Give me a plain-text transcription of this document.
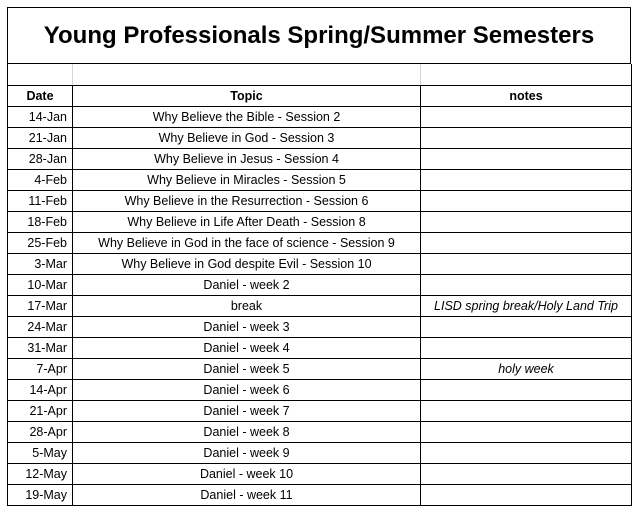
Young Professionals Spring/Summer Semesters

Date	Topic	notes
14-Jan	Why Believe the Bible - Session 2	
21-Jan	Why Believe in God - Session 3	
28-Jan	Why Believe in Jesus - Session 4	
4-Feb	Why Believe in Miracles - Session 5	
11-Feb	Why Believe in the Resurrection - Session 6	
18-Feb	Why Believe in Life After Death - Session 8	
25-Feb	Why Believe in God in the face of science - Session 9	
3-Mar	Why Believe in God despite Evil - Session 10	
10-Mar	Daniel - week 2	
17-Mar	break	LISD spring break/Holy Land Trip
24-Mar	Daniel - week 3	
31-Mar	Daniel - week 4	
7-Apr	Daniel - week 5	holy week
14-Apr	Daniel - week 6	
21-Apr	Daniel - week 7	
28-Apr	Daniel - week 8	
5-May	Daniel - week 9	
12-May	Daniel - week 10	
19-May	Daniel - week 11	
